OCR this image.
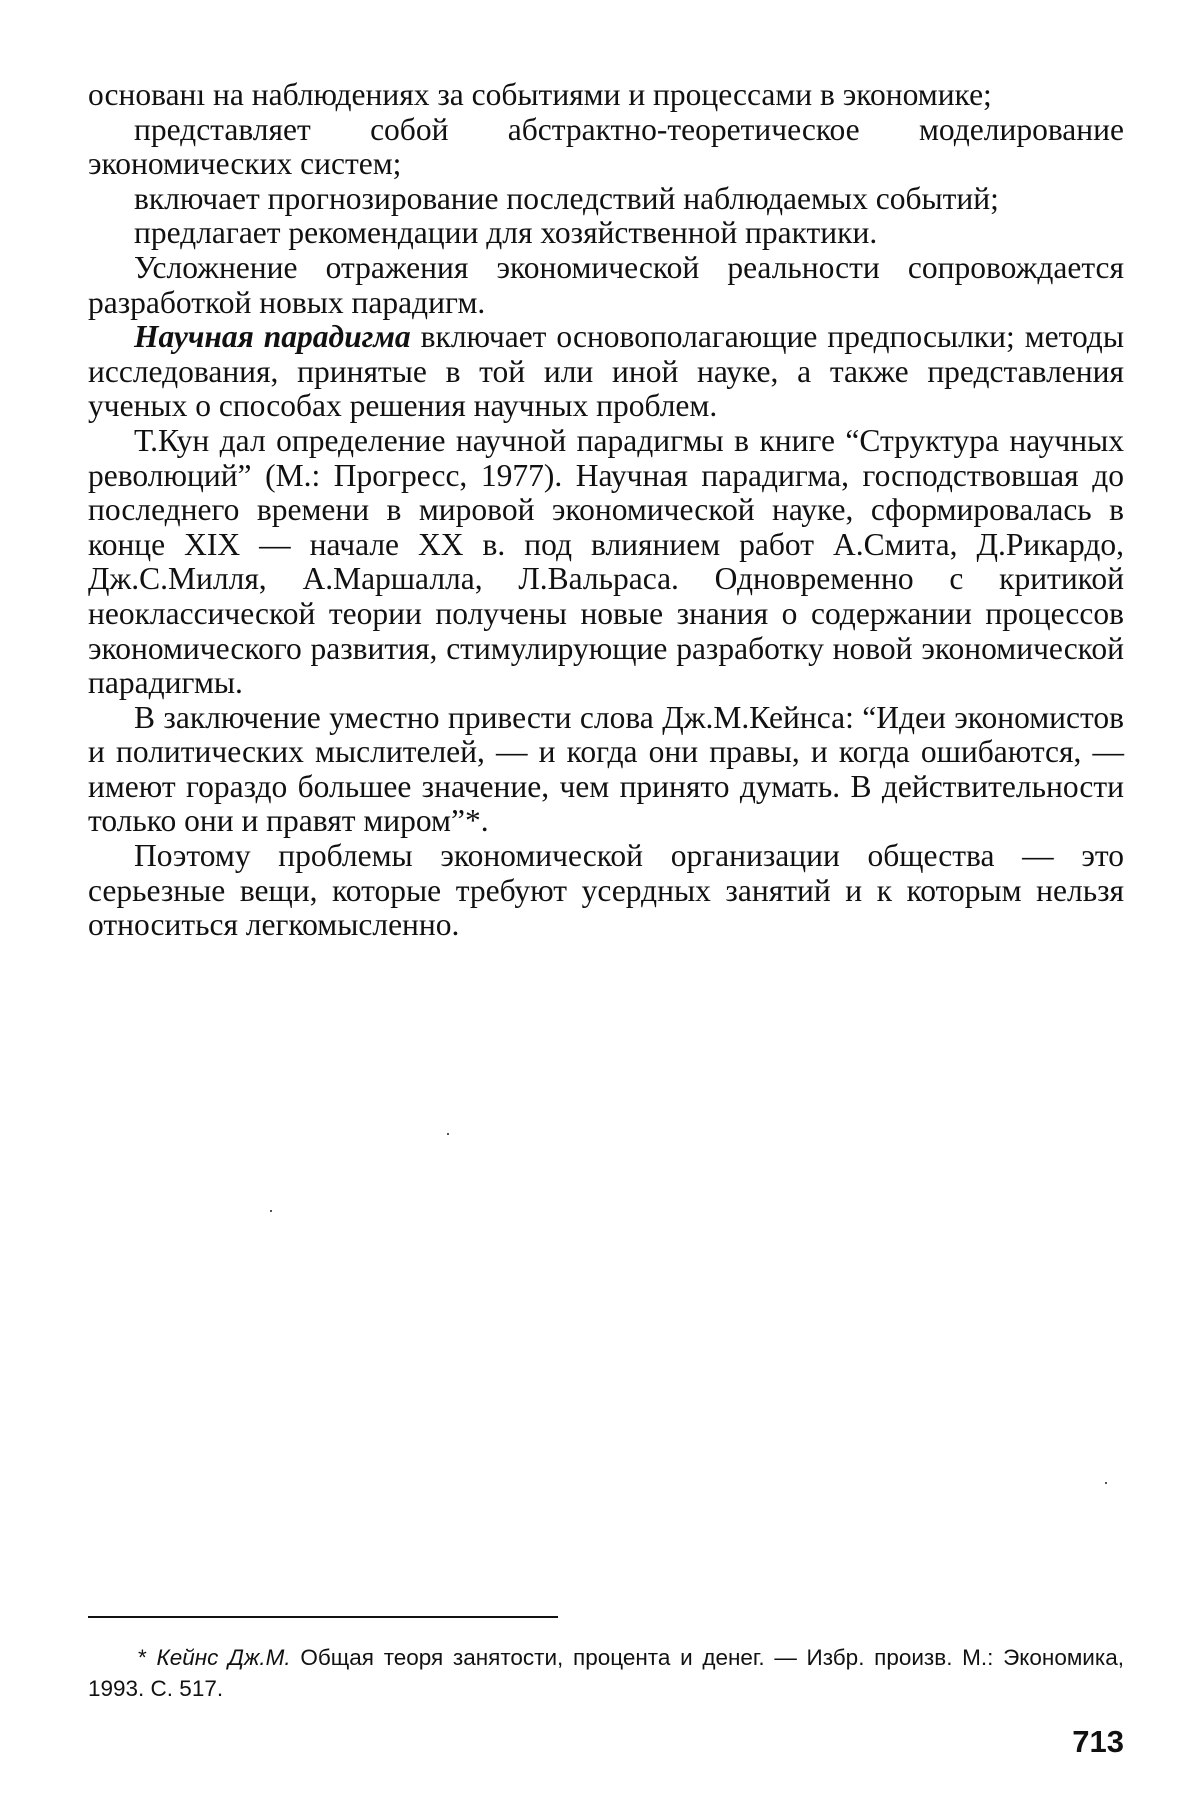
основанı на наблюдениях за событиями и процессами в экономике;

представляет собой абстрактно-теоретическое моделирование экономических систем;

включает прогнозирование последствий наблюдаемых событий;

предлагает рекомендации для хозяйственной практики.

Усложнение отражения экономической реальности сопровождается разработкой новых парадигм.

Научная парадигма включает основополагающие предпосылки; методы исследования, принятые в той или иной науке, а также представления ученых о способах решения научных проблем.

Т.Кун дал определение научной парадигмы в книге “Структура научных революций” (М.: Прогресс, 1977). Научная парадигма, господствовшая до последнего времени в мировой экономической науке, сформировалась в конце XIX — начале XX в. под влиянием работ А.Смита, Д.Рикардо, Дж.С.Милля, А.Маршалла, Л.Вальраса. Одновременно с критикой неоклассической теории получены новые знания о содержании процессов экономического развития, стимулирующие разработку новой экономической парадигмы.

В заключение уместно привести слова Дж.М.Кейнса: “Идеи экономистов и политических мыслителей, — и когда они правы, и когда ошибаются, — имеют гораздо большее значение, чем принято думать. В действительности только они и правят миром”*.

Поэтому проблемы экономической организации общества — это серьезные вещи, которые требуют усердных занятий и к которым нельзя относиться легкомысленно.

* Кейнс Дж.М. Общая теоря занятости, процента и денег. — Избр. произв. М.: Экономика, 1993. С. 517.

713
